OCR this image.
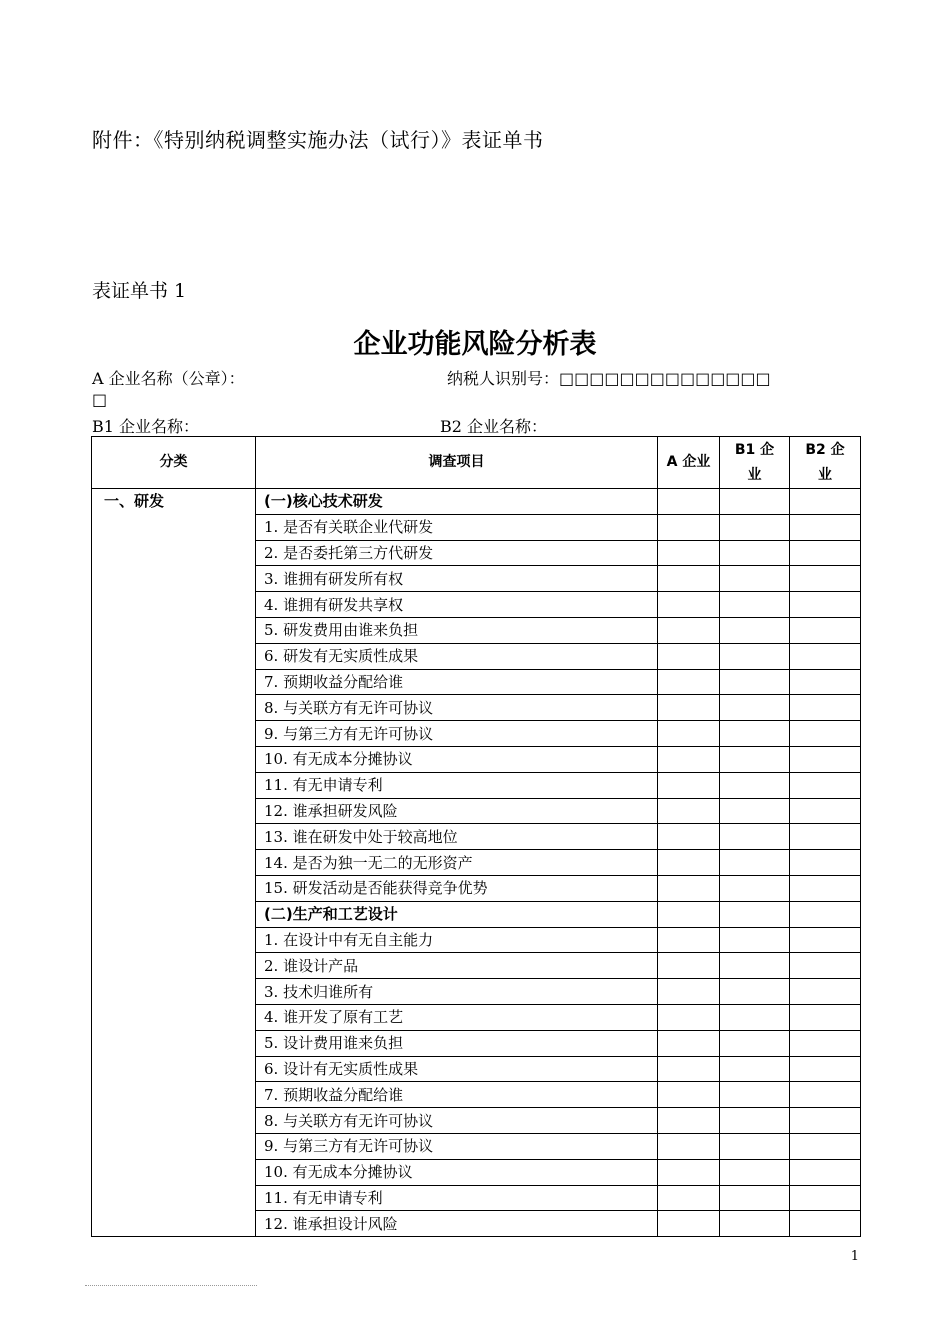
附件：《特别纳税调整实施办法（试行）》表证单书
表证单书 1
企业功能风险分析表
A 企业名称（公章）：	纳税人识别号：□□□□□□□□□□□□□□
□
B1 企业名称：	B2 企业名称：
分类	调查项目	A 企业	B1 企业	B2 企业
一、研发	(一)核心技术研发			
	1. 是否有关联企业代研发			
	2. 是否委托第三方代研发			
	3. 谁拥有研发所有权			
	4. 谁拥有研发共享权			
	5. 研发费用由谁来负担			
	6. 研发有无实质性成果			
	7. 预期收益分配给谁			
	8. 与关联方有无许可协议			
	9. 与第三方有无许可协议			
	10. 有无成本分摊协议			
	11. 有无申请专利			
	12. 谁承担研发风险			
	13. 谁在研发中处于较高地位			
	14. 是否为独一无二的无形资产			
	15. 研发活动是否能获得竞争优势			
	(二)生产和工艺设计			
	1. 在设计中有无自主能力			
	2. 谁设计产品			
	3. 技术归谁所有			
	4. 谁开发了原有工艺			
	5. 设计费用谁来负担			
	6. 设计有无实质性成果			
	7. 预期收益分配给谁			
	8. 与关联方有无许可协议			
	9. 与第三方有无许可协议			
	10. 有无成本分摊协议			
	11. 有无申请专利			
	12. 谁承担设计风险			
1
